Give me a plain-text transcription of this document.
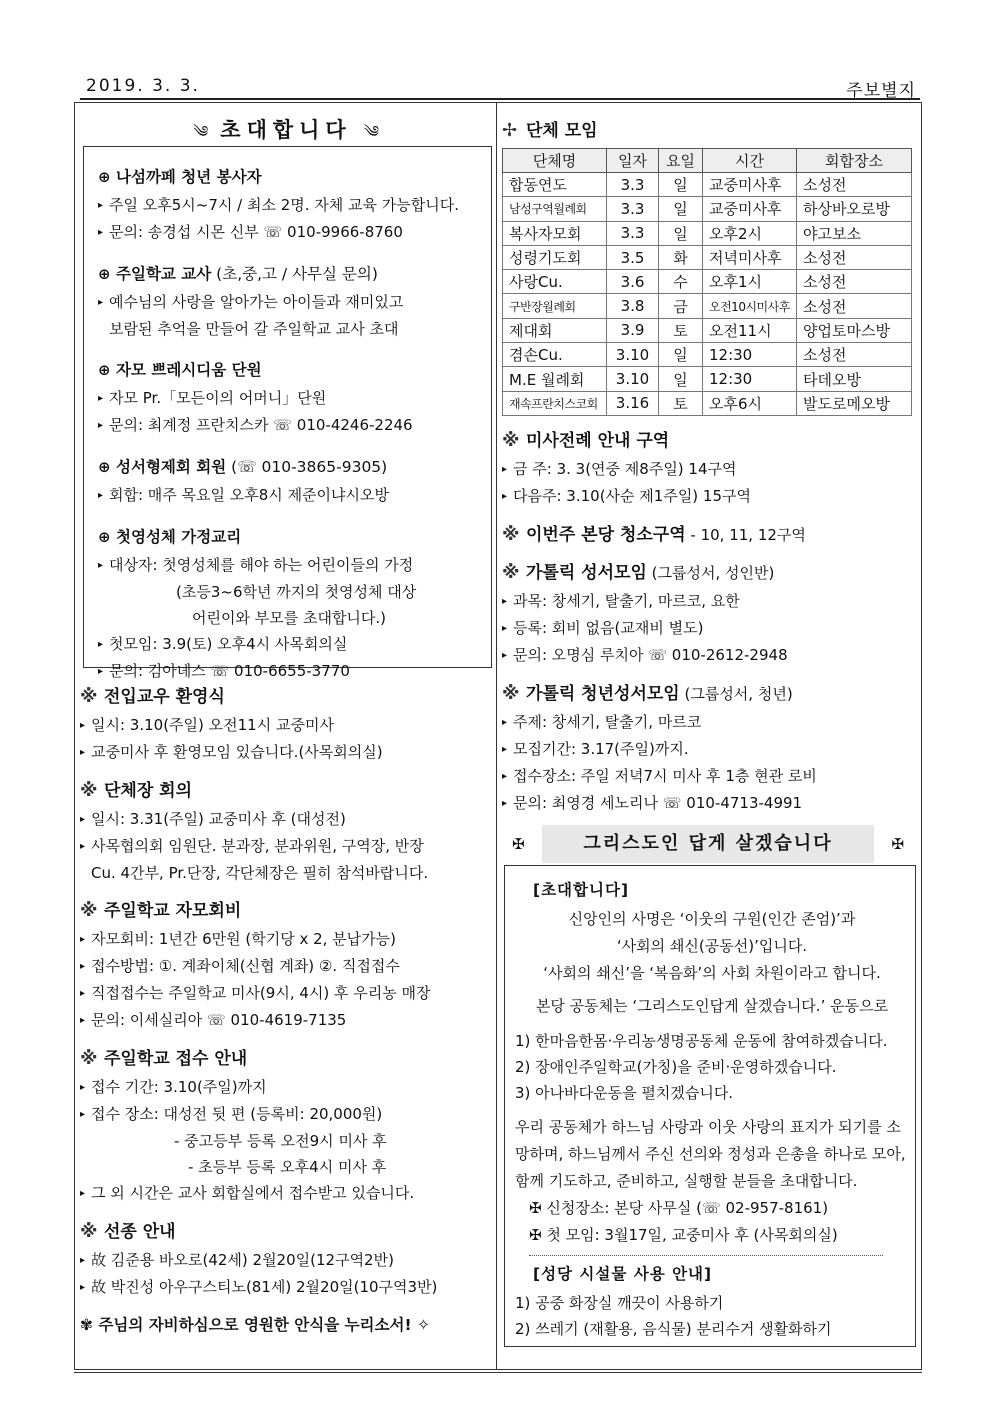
2019. 3. 3.	주보별지
༄ 초대합니다 ༄
⊕ 나섬까페 청년 봉사자
▸ 주일 오후5시~7시 / 최소 2명. 자체 교육 가능합니다.
▸ 문의: 송경섭 시몬 신부 ☏ 010-9966-8760
⊕ 주일학교 교사 (초,중,고 / 사무실 문의)
▸ 예수님의 사랑을 알아가는 아이들과 재미있고
보람된 추억을 만들어 갈 주일학교 교사 초대
⊕ 자모 쁘레시디움 단원
▸ 자모 Pr.「모든이의 어머니」단원
▸ 문의: 최계정 프란치스카 ☏ 010-4246-2246
⊕ 성서형제회 회원 (☏ 010-3865-9305)
▸ 회합: 매주 목요일 오후8시 제준이냐시오방
⊕ 첫영성체 가정교리
▸ 대상자: 첫영성체를 해야 하는 어린이들의 가정
(초등3~6학년 까지의 첫영성체 대상
어린이와 부모를 초대합니다.)
▸ 첫모임: 3.9(토) 오후4시 사목회의실
▸ 문의: 김아녜스 ☏ 010-6655-3770
※ 전입교우 환영식
▸ 일시: 3.10(주일) 오전11시 교중미사
▸ 교중미사 후 환영모임 있습니다.(사목회의실)
※ 단체장 회의
▸ 일시: 3.31(주일) 교중미사 후 (대성전)
▸ 사목협의회 임원단. 분과장, 분과위원, 구역장, 반장
Cu. 4간부, Pr.단장, 각단체장은 필히 참석바랍니다.
※ 주일학교 자모회비
▸ 자모회비: 1년간 6만원 (학기당 x 2, 분납가능)
▸ 접수방법: ①. 계좌이체(신협 계좌) ②. 직접접수
▸ 직접접수는 주일학교 미사(9시, 4시) 후 우리농 매장
▸ 문의: 이세실리아 ☏ 010-4619-7135
※ 주일학교 접수 안내
▸ 접수 기간: 3.10(주일)까지
▸ 접수 장소: 대성전 뒷 편 (등록비: 20,000원)
- 중고등부 등록 오전9시 미사 후
- 초등부 등록 오후4시 미사 후
▸ 그 외 시간은 교사 회합실에서 접수받고 있습니다.
※ 선종 안내
▸ 故 김준용 바오로(42세) 2월20일(12구역2반)
▸ 故 박진성 아우구스티노(81세) 2월20일(10구역3반)
✾ 주님의 자비하심으로 영원한 안식을 누리소서! ✧
✢ 단체 모임
단체명	일자	요일	시간	회합장소
합동연도	3.3	일	교중미사후	소성전
남성구역월례회	3.3	일	교중미사후	하상바오로방
복사자모회	3.3	일	오후2시	야고보소
성령기도회	3.5	화	저녁미사후	소성전
사랑Cu.	3.6	수	오후1시	소성전
구반장월례회	3.8	금	오전10시미사후	소성전
제대회	3.9	토	오전11시	양업토마스방
겸손Cu.	3.10	일	12:30	소성전
M.E 월례회	3.10	일	12:30	타데오방
재속프란치스코회	3.16	토	오후6시	발도로메오방
※ 미사전례 안내 구역
▸ 금 주: 3. 3(연중 제8주일) 14구역
▸ 다음주: 3.10(사순 제1주일) 15구역
※ 이번주 본당 청소구역 - 10, 11, 12구역
※ 가톨릭 성서모임 (그룹성서, 성인반)
▸ 과목: 창세기, 탈출기, 마르코, 요한
▸ 등록: 회비 없음(교재비 별도)
▸ 문의: 오명심 루치아 ☏ 010-2612-2948
※ 가톨릭 청년성서모임 (그룹성서, 청년)
▸ 주제: 창세기, 탈출기, 마르코
▸ 모집기간: 3.17(주일)까지.
▸ 접수장소: 주일 저녁7시 미사 후 1층 현관 로비
▸ 문의: 최영경 세노리나 ☏ 010-4713-4991
✠	그리스도인 답게 살겠습니다	✠
[초대합니다]
신앙인의 사명은 ‘이웃의 구원(인간 존엄)’과
‘사회의 쇄신(공동선)’입니다.
‘사회의 쇄신’을 ‘복음화’의 사회 차원이라고 합니다.
본당 공동체는 ‘그리스도인답게 살겠습니다.’ 운동으로
1) 한마음한몸·우리농생명공동체 운동에 참여하겠습니다.
2) 장애인주일학교(가칭)을 준비·운영하겠습니다.
3) 아나바다운동을 펼치겠습니다.
우리 공동체가 하느님 사랑과 이웃 사랑의 표지가 되기를 소망하며, 하느님께서 주신 선의와 정성과 은총을 하나로 모아, 함께 기도하고, 준비하고, 실행할 분들을 초대합니다.
✠ 신청장소: 본당 사무실 (☏ 02-957-8161)
✠ 첫 모임: 3월17일, 교중미사 후 (사목회의실)
[성당 시설물 사용 안내]
1) 공중 화장실 깨끗이 사용하기
2) 쓰레기 (재활용, 음식물) 분리수거 생활화하기
